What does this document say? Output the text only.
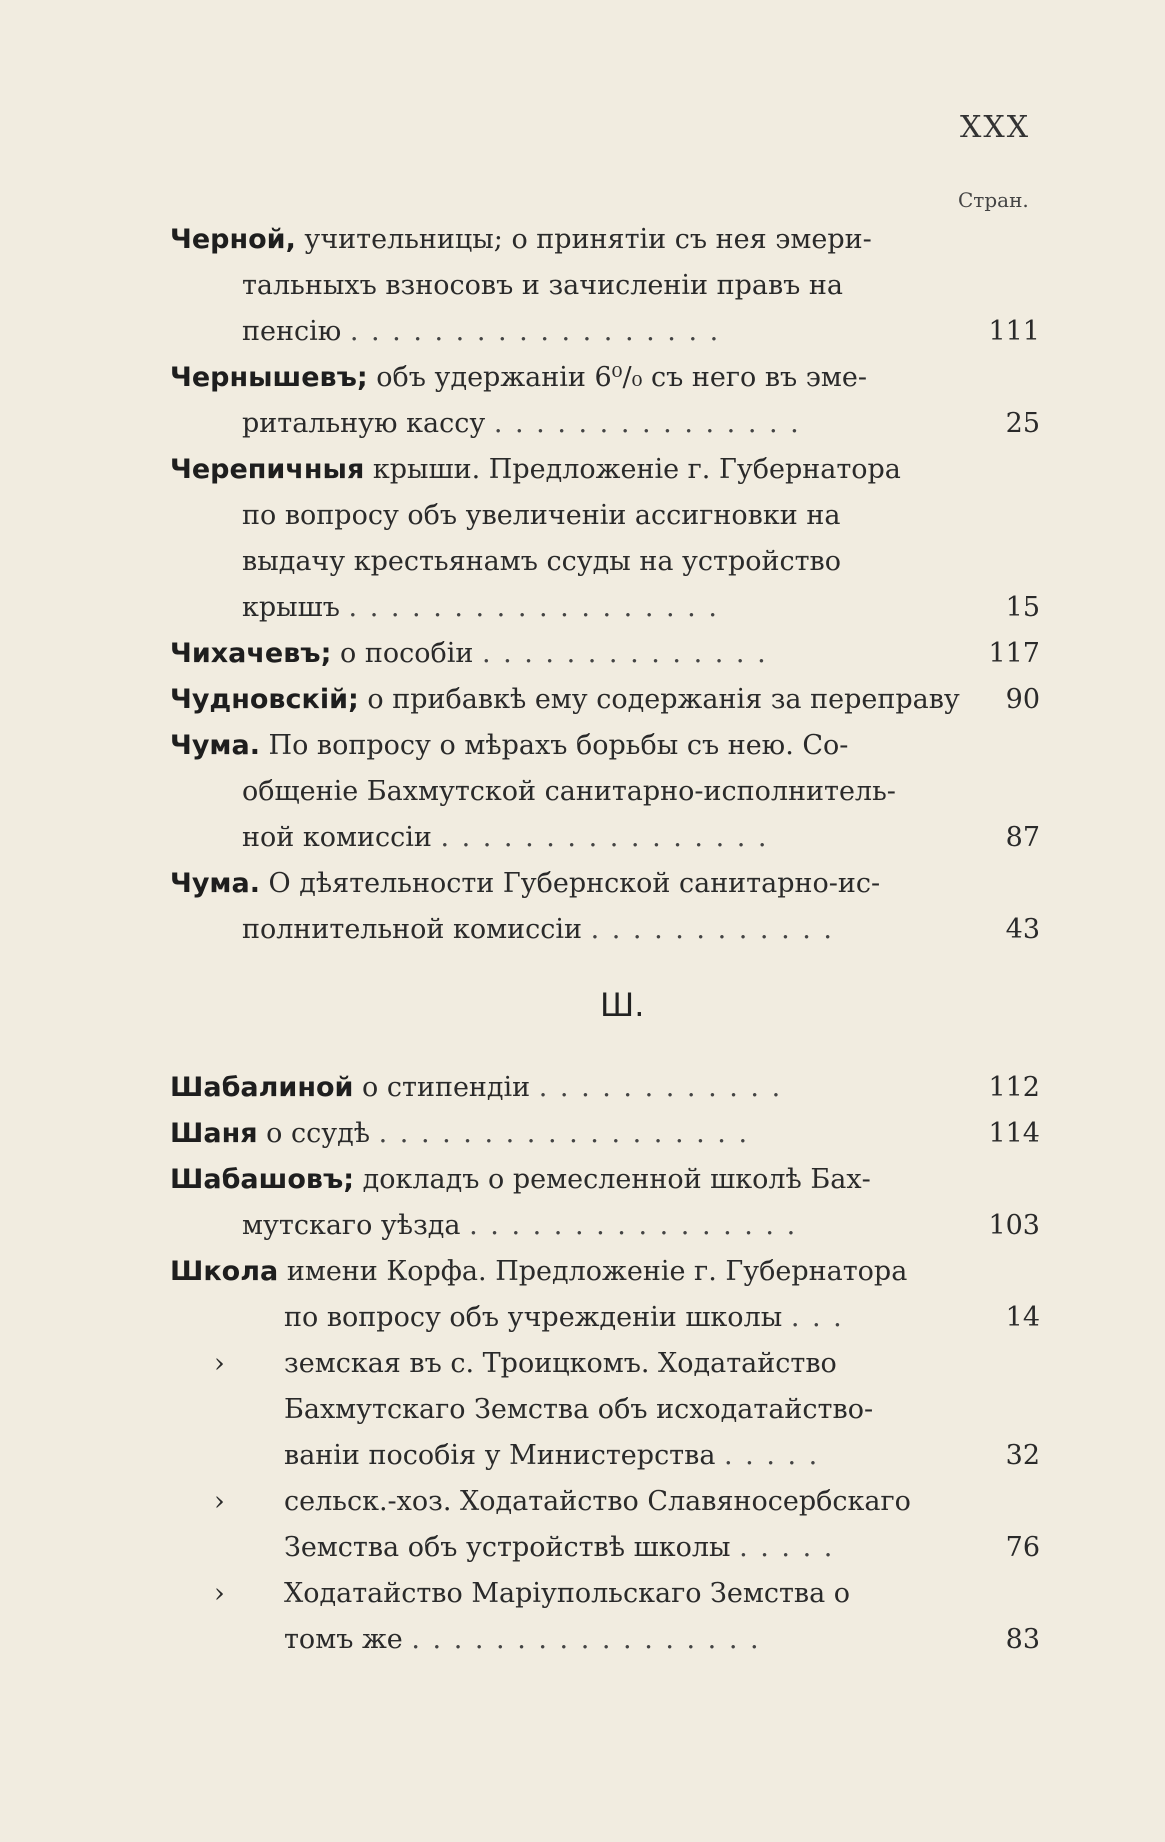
XXX
Стран.
Черной, учительницы; о принятіи съ нея эмери-
тальныхъ взносовъ и зачисленіи правъ на
пенсію . . . . . . . . . . . . . . . . . .	111
Чернышевъ; объ удержаніи 6⁰/₀ съ него въ эме-
ритальную кассу . . . . . . . . . . . . . . .	25
Черепичныя крыши. Предложеніе г. Губернатора
по вопросу объ увеличеніи ассигновки на
выдачу крестьянамъ ссуды на устройство
крышъ . . . . . . . . . . . . . . . . . .	15
Чихачевъ; о пособіи . . . . . . . . . . . . . .	117
Чудновскій; о прибавкѣ ему содержанія за переправу 90
Чума. По вопросу о мѣрахъ борьбы съ нею. Со-
общеніе Бахмутской санитарно-исполнитель-
ной комиссіи . . . . . . . . . . . . . . . .	87
Чума. О дѣятельности Губернской санитарно-ис-
полнительной комиссіи . . . . . . . . . . . .	43
Ш.
Шабалиной о стипендіи . . . . . . . . . . . .	112
Шаня о ссудѣ . . . . . . . . . . . . . . . . . .	114
Шабашовъ; докладъ о ремесленной школѣ Бах-
мутскаго уѣзда . . . . . . . . . . . . . . . .	103
Школа имени Корфа. Предложеніе г. Губернатора
по вопросу объ учрежденіи школы . . .	14
› земская въ с. Троицкомъ. Ходатайство
Бахмутскаго Земства объ исходатайство-
ваніи пособія у Министерства . . . . .	32
› сельск.-хоз. Ходатайство Славяносербскаго
Земства объ устройствѣ школы . . . . .	76
› Ходатайство Маріупольскаго Земства о
томъ же . . . . . . . . . . . . . . . . .	83
